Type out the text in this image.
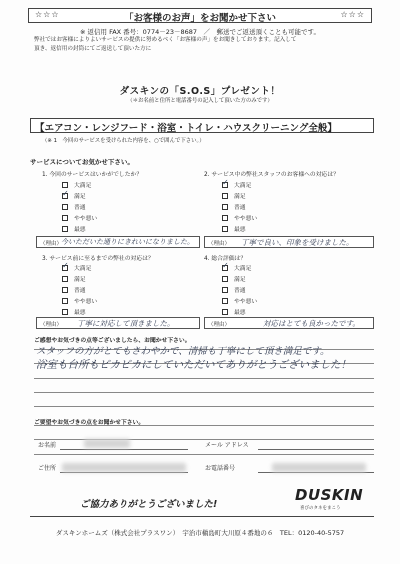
☆☆☆	「お客様のお声」をお聞かせ下さい	☆☆☆
※ 返信用 FAX 番号：0774－23－8687　／　郵送でご返送頂くことも可能です。
弊社ではお客様によりよいサービスの提供に努めるべく「お客様の声」をお聞きしております。記入して
頂き、返信用の封筒にてご返送して頂いた方に
ダスキンの「S.O.S」プレゼント！
（＊お名前と住所と電話番号の記入して頂いた方のみです）
【エアコン・レンジフード・浴室・トイレ・ハウスクリーニング全般】
（※ 1　今回のサービスを受けられた内容を、○で囲んで下さい。）
サービスについてお気かせ下さい。
1. 今回のサービスはいかがでしたか？
大満足
✓
満足
普通
やや悪い
最悪
（理由）
今いただいた通りにきれいになりました。
2. サービス中の弊社スタッフのお客様への対応は？
✓
大満足
満足
普通
やや悪い
最悪
（理由） 丁寧で良い、印象を受けました。
3. サービス前に至るまでの弊社の対応は？
✓
大満足
満足
普通
やや悪い
最悪
（理由） 丁寧に対応して頂きました。
4. 総合評価は？
✓
大満足
満足
普通
やや悪い
最悪
（理由）	対応はとても良かったです。
ご感想やお気づきの点等ございましたら、お聞かせ下さい。
スタッフの方がとてもさわやかで、清掃も丁寧にして頂き満足です。
浴室も台所もピカピカにしていただいてありがとうございました！
ご要望やお気づきの点をお聞かせ下さい。
お名前	メール アドレス
ご住所	お電話番号
ご協力ありがとうございました!
DUSKIN
喜びのタネをまこう
ダスキンホームズ（株式会社プラスワン）　宇治市槇島町大川原４番地の６　TEL：0120-40-5757
